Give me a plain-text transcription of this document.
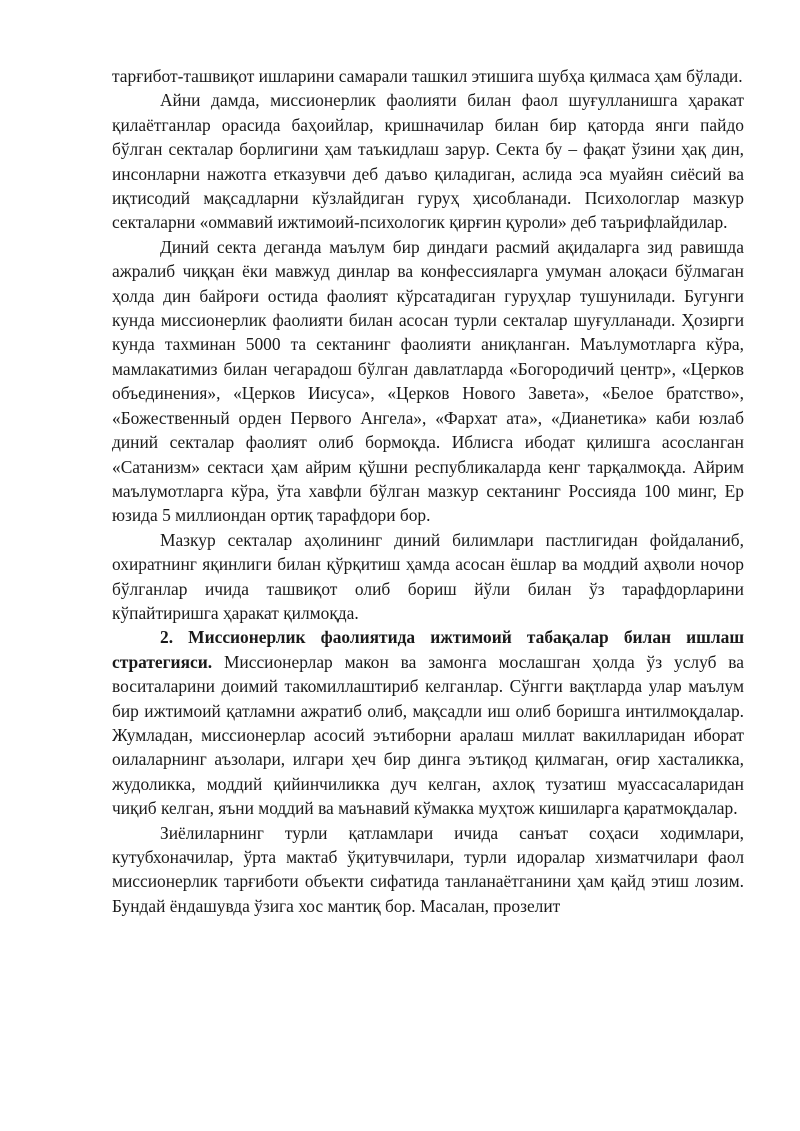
тарғибот-ташвиқот ишларини самарали ташкил этишига шубҳа қилмаса ҳам бўлади.

Айни дамда, миссионерлик фаолияти билан фаол шуғулланишга ҳаракат қилаётганлар орасида баҳоийлар, кришначилар билан бир қаторда янги пайдо бўлган секталар борлигини ҳам таъкидлаш зарур. Секта бу – фақат ўзини ҳақ дин, инсонларни нажотга етказувчи деб даъво қиладиган, аслида эса муайян сиёсий ва иқтисодий мақсадларни кўзлайдиган гуруҳ ҳисобланади. Психологлар мазкур секталарни «оммавий ижтимоий-психологик қирғин қуроли» деб таърифлайдилар.

Диний секта деганда маълум бир диндаги расмий ақидаларга зид равишда ажралиб чиққан ёки мавжуд динлар ва конфессияларга умуман алоқаси бўлмаган ҳолда дин байроғи остида фаолият кўрсатадиган гуруҳлар тушунилади. Бугунги кунда миссионерлик фаолияти билан асосан турли секталар шуғулланади. Ҳозирги кунда тахминан 5000 та сектанинг фаолияти аниқланган. Маълумотларга кўра, мамлакатимиз билан чегарадош бўлган давлатларда «Богородичий центр», «Церков объединения», «Церков Иисуса», «Церков Нового Завета», «Белое братство», «Божественный орден Первого Ангела», «Фархат ата», «Дианетика» каби юзлаб диний секталар фаолият олиб бормоқда. Иблисга ибодат қилишга асосланган «Сатанизм» сектаси ҳам айрим қўшни республикаларда кенг тарқалмоқда. Айрим маълумотларга кўра, ўта хавфли бўлган мазкур сектанинг Россияда 100 минг, Ер юзида 5 миллиондан ортиқ тарафдори бор.

Мазкур секталар аҳолининг диний билимлари пастлигидан фойдаланиб, охиратнинг яқинлиги билан қўрқитиш ҳамда асосан ёшлар ва моддий аҳволи ночор бўлганлар ичида ташвиқот олиб бориш йўли билан ўз тарафдорларини кўпайтиришга ҳаракат қилмоқда.

2. Миссионерлик фаолиятида ижтимоий табақалар билан ишлаш стратегияси. Миссионерлар макон ва замонга мослашган ҳолда ўз услуб ва воситаларини доимий такомиллаштириб келганлар. Сўнгги вақтларда улар маълум бир ижтимоий қатламни ажратиб олиб, мақсадли иш олиб боришга интилмоқдалар. Жумладан, миссионерлар асосий эътиборни аралаш миллат вакилларидан иборат оилаларнинг аъзолари, илгари ҳеч бир динга эътиқод қилмаган, оғир хасталикка, жудоликка, моддий қийинчиликка дуч келган, ахлоқ тузатиш муассасаларидан чиқиб келган, яъни моддий ва маънавий кўмакка муҳтож кишиларга қаратмоқдалар.

Зиёлиларнинг турли қатламлари ичида санъат соҳаси ходимлари, кутубхоначилар, ўрта мактаб ўқитувчилари, турли идоралар хизматчилари фаол миссионерлик тарғиботи объекти сифатида танланаётганини ҳам қайд этиш лозим. Бундай ёндашувда ўзига хос мантиқ бор. Масалан, прозелит
